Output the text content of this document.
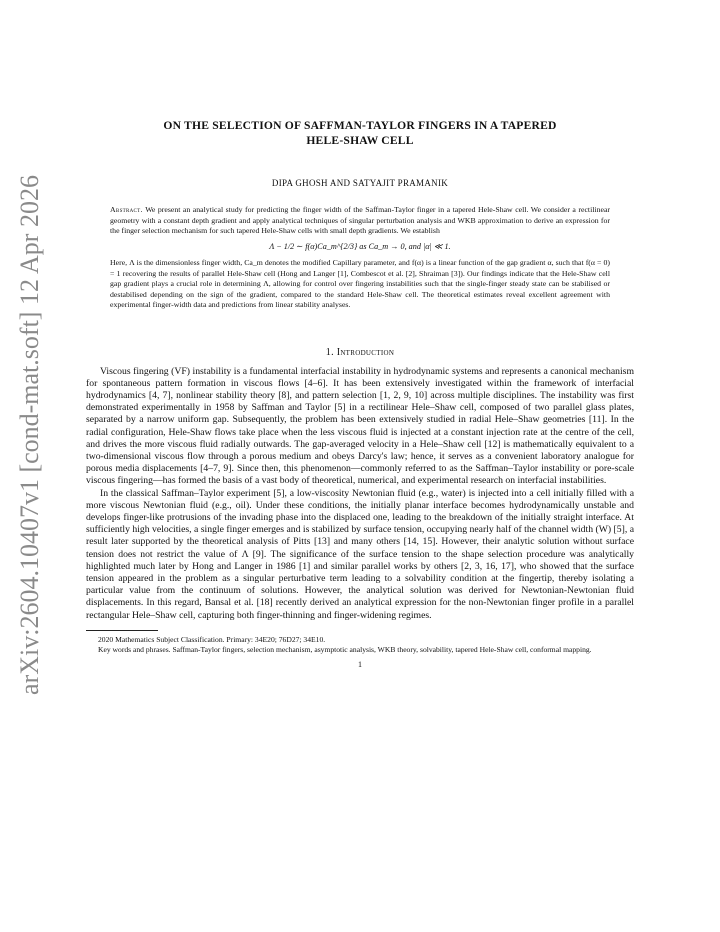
arXiv:2604.10407v1 [cond-mat.soft] 12 Apr 2026
ON THE SELECTION OF SAFFMAN-TAYLOR FINGERS IN A TAPERED
HELE-SHAW CELL
DIPA GHOSH AND SATYAJIT PRAMANIK
Abstract. We present an analytical study for predicting the finger width of the Saffman-Taylor finger in a tapered Hele-Shaw cell. We consider a rectilinear geometry with a constant depth gradient and apply analytical techniques of singular perturbation analysis and WKB approximation to derive an expression for the finger selection mechanism for such tapered Hele-Shaw cells with small depth gradients. We establish
Λ − 1/2 ∼ f(α)Ca_m^{2/3} as Ca_m → 0, and |α| ≪ 1.
Here, Λ is the dimensionless finger width, Ca_m denotes the modified Capillary parameter, and f(α) is a linear function of the gap gradient α, such that f(α = 0) = 1 recovering the results of parallel Hele-Shaw cell (Hong and Langer [1], Combescot et al. [2], Shraiman [3]). Our findings indicate that the Hele-Shaw cell gap gradient plays a crucial role in determining Λ, allowing for control over fingering instabilities such that the single-finger steady state can be stabilised or destabilised depending on the sign of the gradient, compared to the standard Hele-Shaw cell. The theoretical estimates reveal excellent agreement with experimental finger-width data and predictions from linear stability analyses.
1. Introduction

Viscous fingering (VF) instability is a fundamental interfacial instability in hydrodynamic systems and represents a canonical mechanism for spontaneous pattern formation in viscous flows [4–6]. It has been extensively investigated within the framework of interfacial hydrodynamics [4, 7], nonlinear stability theory [8], and pattern selection [1, 2, 9, 10] across multiple disciplines. The instability was first demonstrated experimentally in 1958 by Saffman and Taylor [5] in a rectilinear Hele–Shaw cell, composed of two parallel glass plates, separated by a narrow uniform gap. Subsequently, the problem has been extensively studied in radial Hele–Shaw geometries [11]. In the radial configuration, Hele-Shaw flows take place when the less viscous fluid is injected at a constant injection rate at the centre of the cell, and drives the more viscous fluid radially outwards. The gap-averaged velocity in a Hele–Shaw cell [12] is mathematically equivalent to a two-dimensional viscous flow through a porous medium and obeys Darcy's law; hence, it serves as a convenient laboratory analogue for porous media displacements [4–7, 9]. Since then, this phenomenon—commonly referred to as the Saffman–Taylor instability or pore-scale viscous fingering—has formed the basis of a vast body of theoretical, numerical, and experimental research on interfacial instabilities.

In the classical Saffman–Taylor experiment [5], a low-viscosity Newtonian fluid (e.g., water) is injected into a cell initially filled with a more viscous Newtonian fluid (e.g., oil). Under these conditions, the initially planar interface becomes hydrodynamically unstable and develops finger-like protrusions of the invading phase into the displaced one, leading to the breakdown of the initially straight interface. At sufficiently high velocities, a single finger emerges and is stabilized by surface tension, occupying nearly half of the channel width (W) [5], a result later supported by the theoretical analysis of Pitts [13] and many others [14, 15]. However, their analytic solution without surface tension does not restrict the value of Λ [9]. The significance of the surface tension to the shape selection procedure was analytically highlighted much later by Hong and Langer in 1986 [1] and similar parallel works by others [2, 3, 16, 17], who showed that the surface tension appeared in the problem as a singular perturbative term leading to a solvability condition at the fingertip, thereby isolating a particular value from the continuum of solutions. However, the analytical solution was derived for Newtonian-Newtonian fluid displacements. In this regard, Bansal et al. [18] recently derived an analytical expression for the non-Newtonian finger profile in a parallel rectangular Hele–Shaw cell, capturing both finger-thinning and finger-widening regimes.

2020 Mathematics Subject Classification. Primary: 34E20; 76D27; 34E10.

Key words and phrases. Saffman-Taylor fingers, selection mechanism, asymptotic analysis, WKB theory, solvability, tapered Hele-Shaw cell, conformal mapping.

1
